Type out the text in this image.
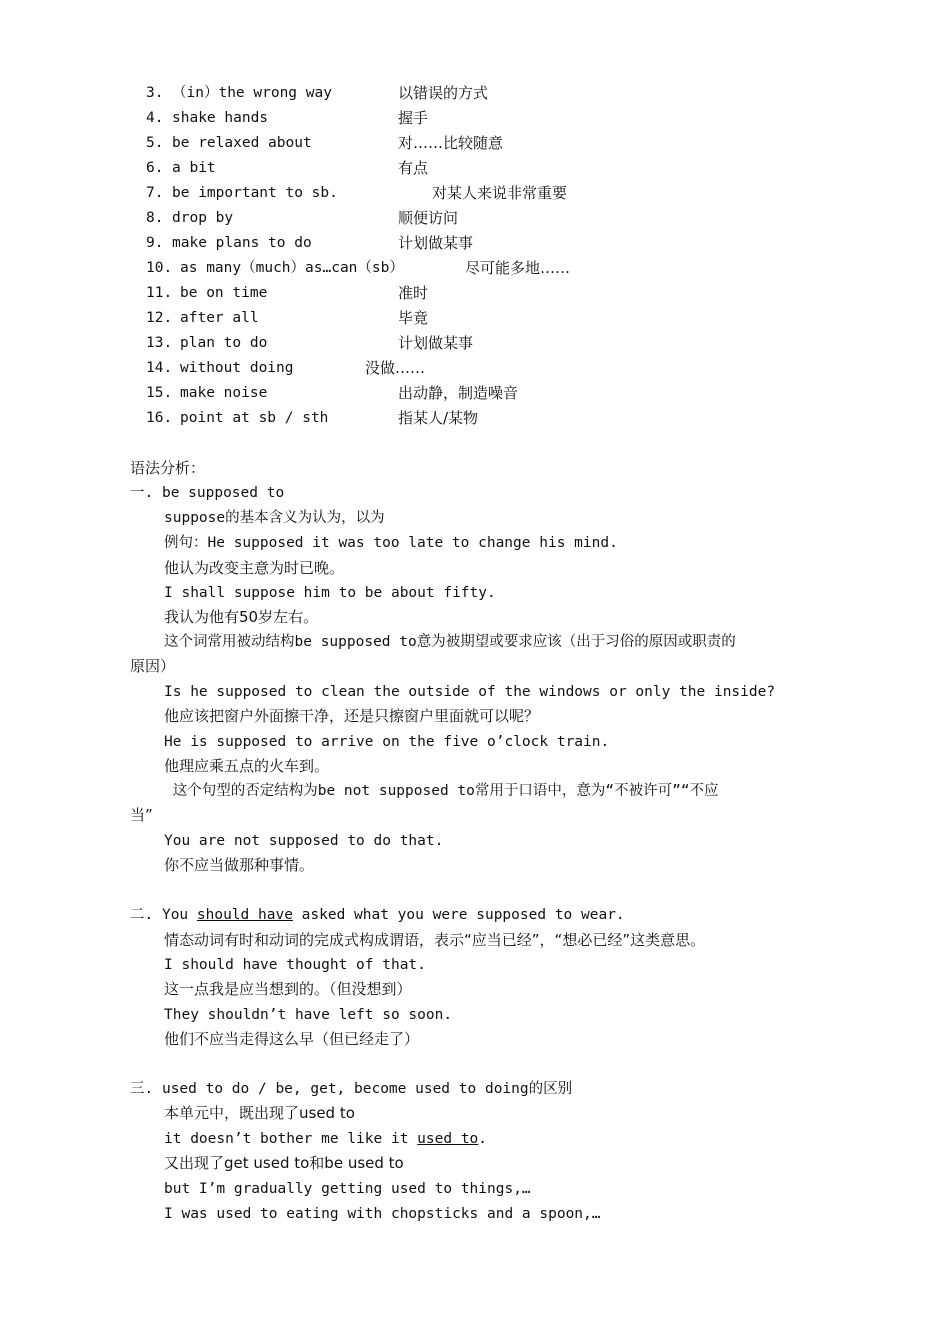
3. （in）the wrong way	以错误的方式
4. shake hands	握手
5. be relaxed about	对……比较随意
6. a bit	有点
7. be important to sb.	对某人来说非常重要
8. drop by	顺便访问
9. make plans to do	计划做某事
10. as many（much）as…can（sb）	尽可能多地……
11. be on time	准时
12. after all	毕竟
13. plan to do	计划做某事
14. without doing	没做……
15. make noise	出动静，制造噪音
16. point at sb / sth	指某人/某物
语法分析：
一. be supposed to
suppose的基本含义为认为，以为
例句：He supposed it was too late to change his mind.
他认为改变主意为时已晚。
I shall suppose him to be about fifty.
我认为他有50岁左右。
这个词常用被动结构be supposed to意为被期望或要求应该（出于习俗的原因或职责的
原因）
Is he supposed to clean the outside of the windows or only the inside?
他应该把窗户外面擦干净，还是只擦窗户里面就可以呢？
He is supposed to arrive on the five o’clock train.
他理应乘五点的火车到。
这个句型的否定结构为be not supposed to常用于口语中，意为“不被许可”“不应
当”
You are not supposed to do that.
你不应当做那种事情。
二. You should have asked what you were supposed to wear.
情态动词有时和动词的完成式构成谓语，表示“应当已经”，“想必已经”这类意思。
I should have thought of that.
这一点我是应当想到的。（但没想到）
They shouldn’t have left so soon.
他们不应当走得这么早（但已经走了）
三. used to do / be, get, become used to doing的区别
本单元中，既出现了used to
it doesn’t bother me like it used to.
又出现了get used to和be used to
but I’m gradually getting used to things,…
I was used to eating with chopsticks and a spoon,…
